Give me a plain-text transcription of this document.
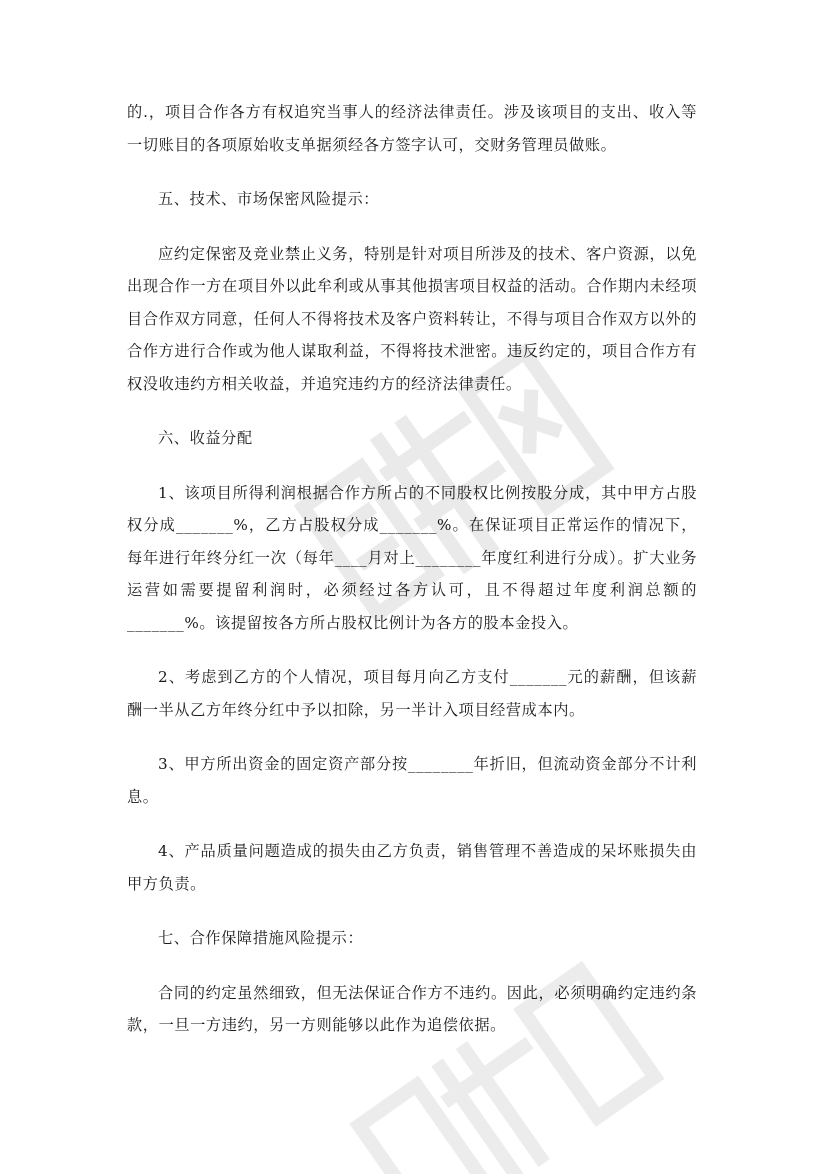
的.，项目合作各方有权追究当事人的经济法律责任。涉及该项目的支出、收入等一切账目的各项原始收支单据须经各方签字认可，交财务管理员做账。

五、技术、市场保密风险提示：

应约定保密及竞业禁止义务，特别是针对项目所涉及的技术、客户资源，以免出现合作一方在项目外以此牟利或从事其他损害项目权益的活动。合作期内未经项目合作双方同意，任何人不得将技术及客户资料转让，不得与项目合作双方以外的合作方进行合作或为他人谋取利益，不得将技术泄密。违反约定的，项目合作方有权没收违约方相关收益，并追究违约方的经济法律责任。

六、收益分配

1、该项目所得利润根据合作方所占的不同股权比例按股分成，其中甲方占股权分成_______%，乙方占股权分成_______%。在保证项目正常运作的情况下，每年进行年终分红一次（每年____月对上________年度红利进行分成）。扩大业务运营如需要提留利润时，必须经过各方认可，且不得超过年度利润总额的_______%。该提留按各方所占股权比例计为各方的股本金投入。

2、考虑到乙方的个人情况，项目每月向乙方支付_______元的薪酬，但该薪酬一半从乙方年终分红中予以扣除，另一半计入项目经营成本内。

3、甲方所出资金的固定资产部分按________年折旧，但流动资金部分不计利息。

4、产品质量问题造成的损失由乙方负责，销售管理不善造成的呆坏账损失由甲方负责。

七、合作保障措施风险提示：

合同的约定虽然细致，但无法保证合作方不违约。因此，必须明确约定违约条款，一旦一方违约，另一方则能够以此作为追偿依据。
